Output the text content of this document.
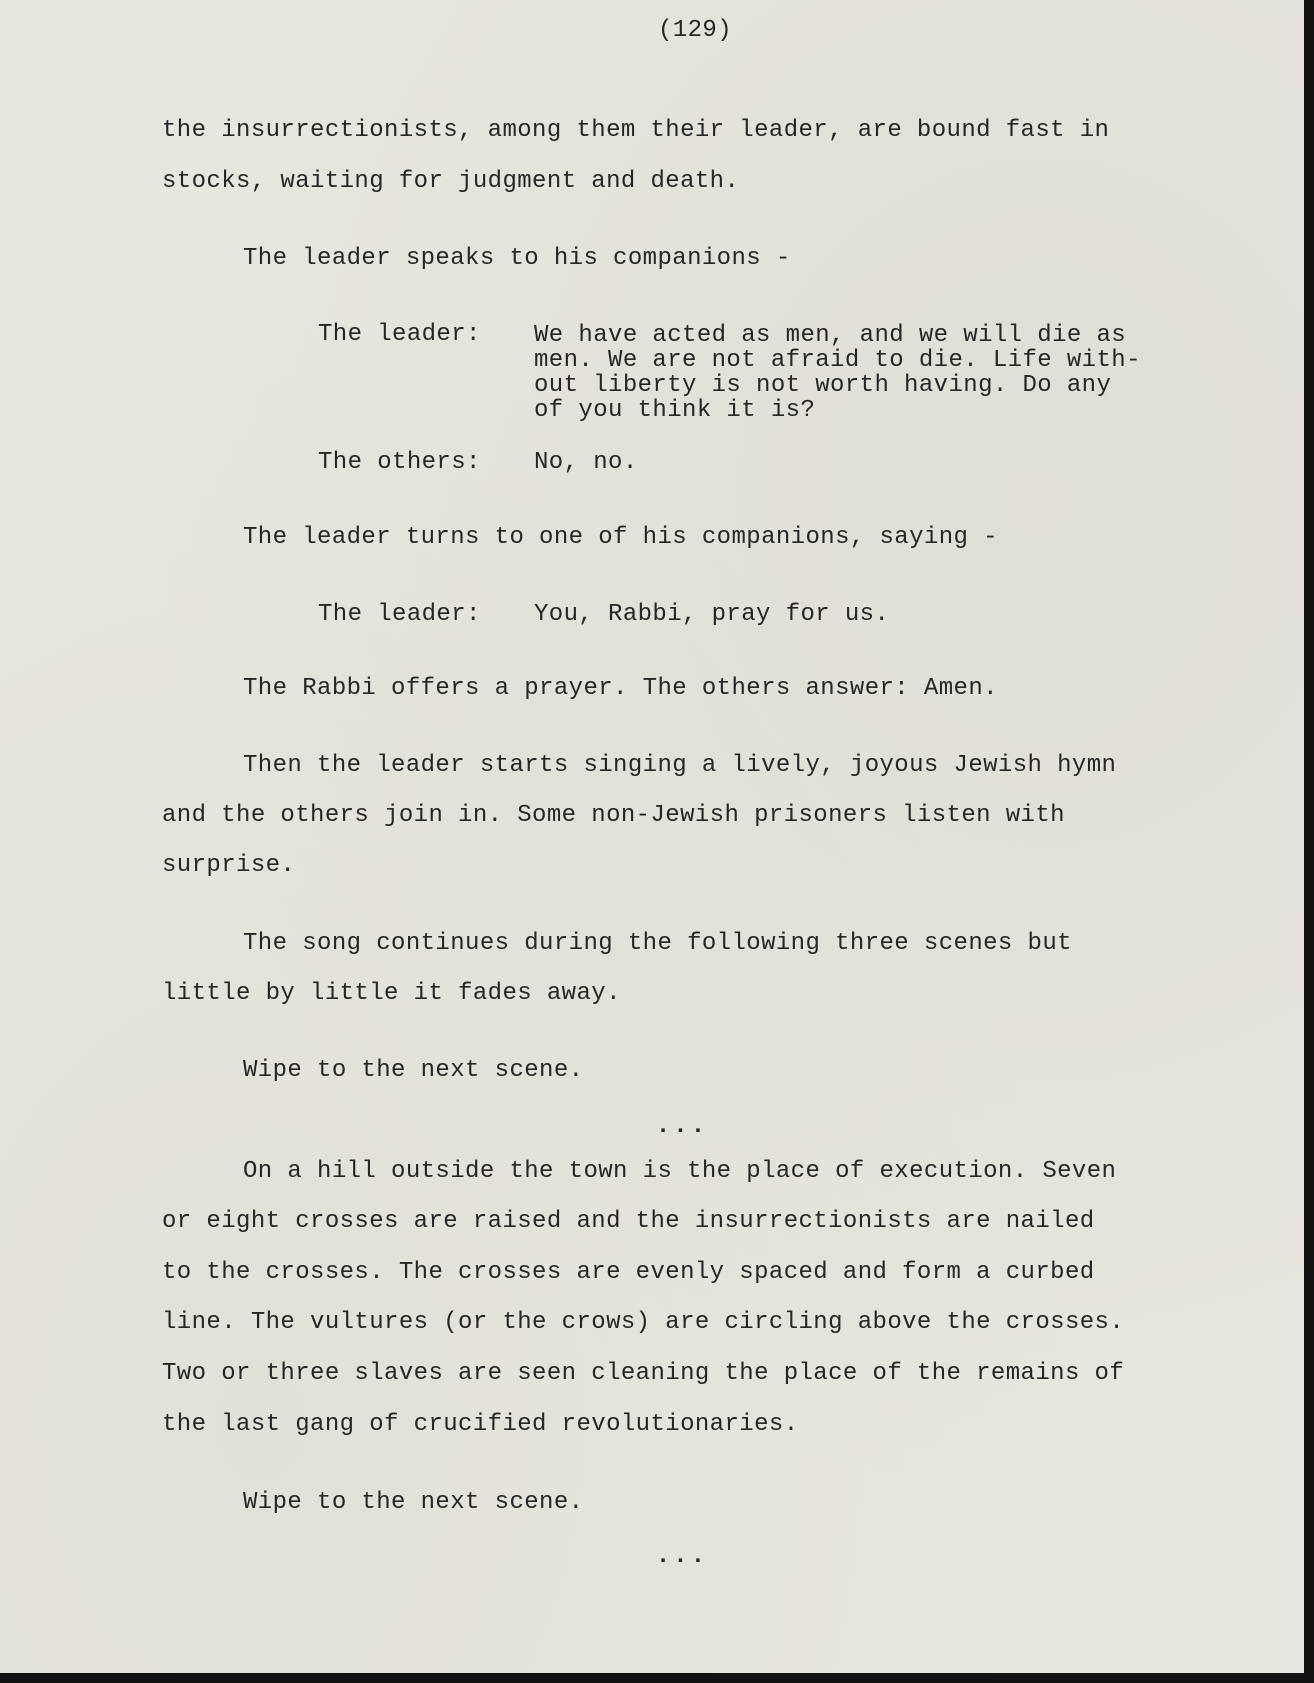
(129)
the insurrectionists, among them their leader, are bound fast in
stocks, waiting for judgment and death.
The leader speaks to his companions -
The leader: We have acted as men, and we will die as
men. We are not afraid to die. Life with-
out liberty is not worth having. Do any
of you think it is?
The others: No, no.
The leader turns to one of his companions, saying -
The leader: You, Rabbi, pray for us.
The Rabbi offers a prayer. The others answer: Amen.
Then the leader starts singing a lively, joyous Jewish hymn
and the others join in. Some non-Jewish prisoners listen with
surprise.
The song continues during the following three scenes but
little by little it fades away.
Wipe to the next scene.
...
On a hill outside the town is the place of execution. Seven
or eight crosses are raised and the insurrectionists are nailed
to the crosses. The crosses are evenly spaced and form a curbed
line. The vultures (or the crows) are circling above the crosses.
Two or three slaves are seen cleaning the place of the remains of
the last gang of crucified revolutionaries.
Wipe to the next scene.
...
